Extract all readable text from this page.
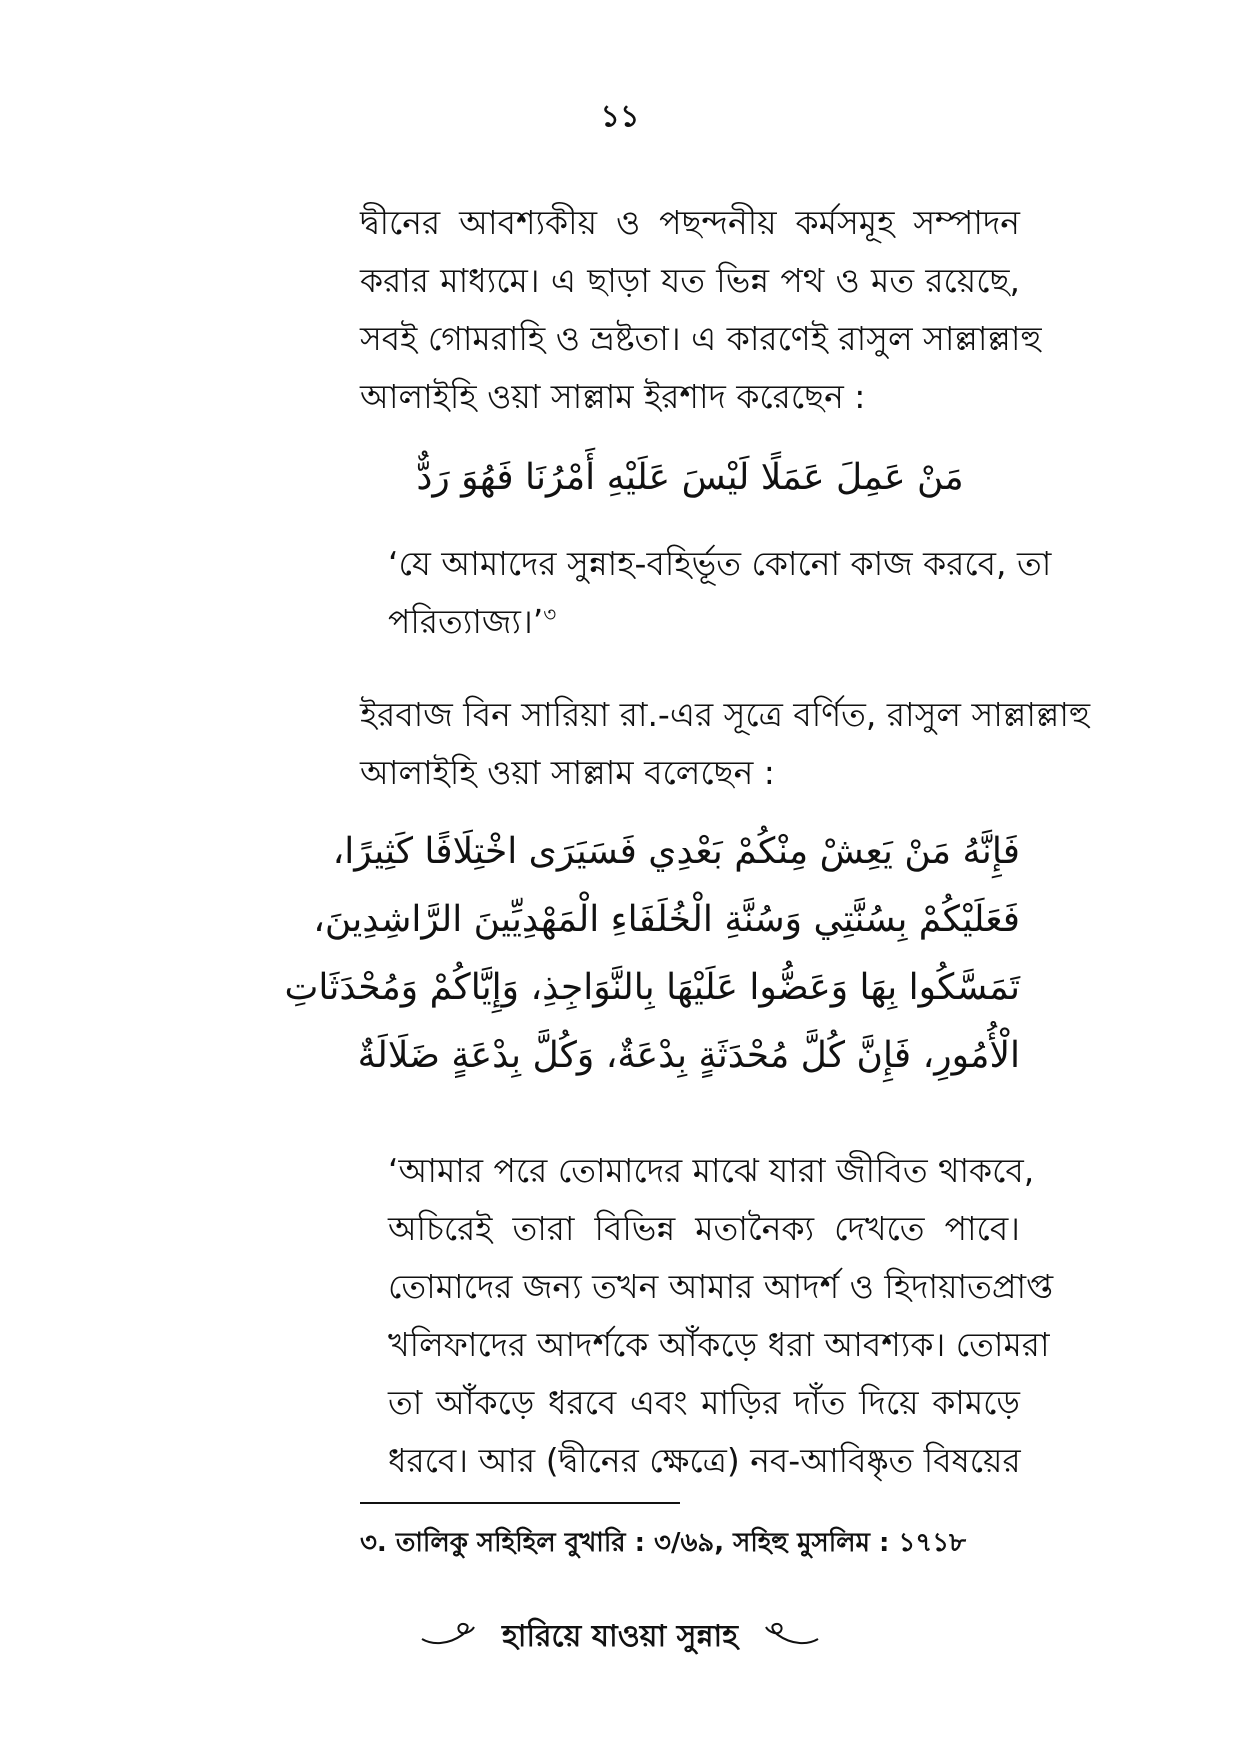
১১
দ্বীনের আবশ্যকীয় ও পছন্দনীয় কর্মসমূহ সম্পাদন
করার মাধ্যমে। এ ছাড়া যত ভিন্ন পথ ও মত রয়েছে,
সবই গোমরাহি ও ভ্রষ্টতা। এ কারণেই রাসুল সাল্লাল্লাহু
আলাইহি ওয়া সাল্লাম ইরশাদ করেছেন :
مَنْ عَمِلَ عَمَلًا لَيْسَ عَلَيْهِ أَمْرُنَا فَهُوَ رَدٌّ
‘যে আমাদের সুন্নাহ-বহির্ভূত কোনো কাজ করবে, তা
পরিত্যাজ্য।’$^৩$
ইরবাজ বিন সারিয়া রা.-এর সূত্রে বর্ণিত, রাসুল সাল্লাল্লাহু
আলাইহি ওয়া সাল্লাম বলেছেন :
فَإِنَّهُ مَنْ يَعِشْ مِنْكُمْ بَعْدِي فَسَيَرَى اخْتِلَافًا كَثِيرًا،
فَعَلَيْكُمْ بِسُنَّتِي وَسُنَّةِ الْخُلَفَاءِ الْمَهْدِيِّينَ الرَّاشِدِينَ،
تَمَسَّكُوا بِهَا وَعَضُّوا عَلَيْهَا بِالنَّوَاجِذِ، وَإِيَّاكُمْ وَمُحْدَثَاتِ
الْأُمُورِ، فَإِنَّ كُلَّ مُحْدَثَةٍ بِدْعَةٌ، وَكُلَّ بِدْعَةٍ ضَلَالَةٌ
‘আমার পরে তোমাদের মাঝে যারা জীবিত থাকবে,
অচিরেই তারা বিভিন্ন মতানৈক্য দেখতে পাবে।
তোমাদের জন্য তখন আমার আদর্শ ও হিদায়াতপ্রাপ্ত
খলিফাদের আদর্শকে আঁকড়ে ধরা আবশ্যক। তোমরা
তা আঁকড়ে ধরবে এবং মাড়ির দাঁত দিয়ে কামড়ে
ধরবে। আর (দ্বীনের ক্ষেত্রে) নব-আবিষ্কৃত বিষয়ের
৩. তালিকু সহিহিল বুখারি : ৩/৬৯, সহিহু মুসলিম : ১৭১৮
হারিয়ে যাওয়া সুন্নাহ
